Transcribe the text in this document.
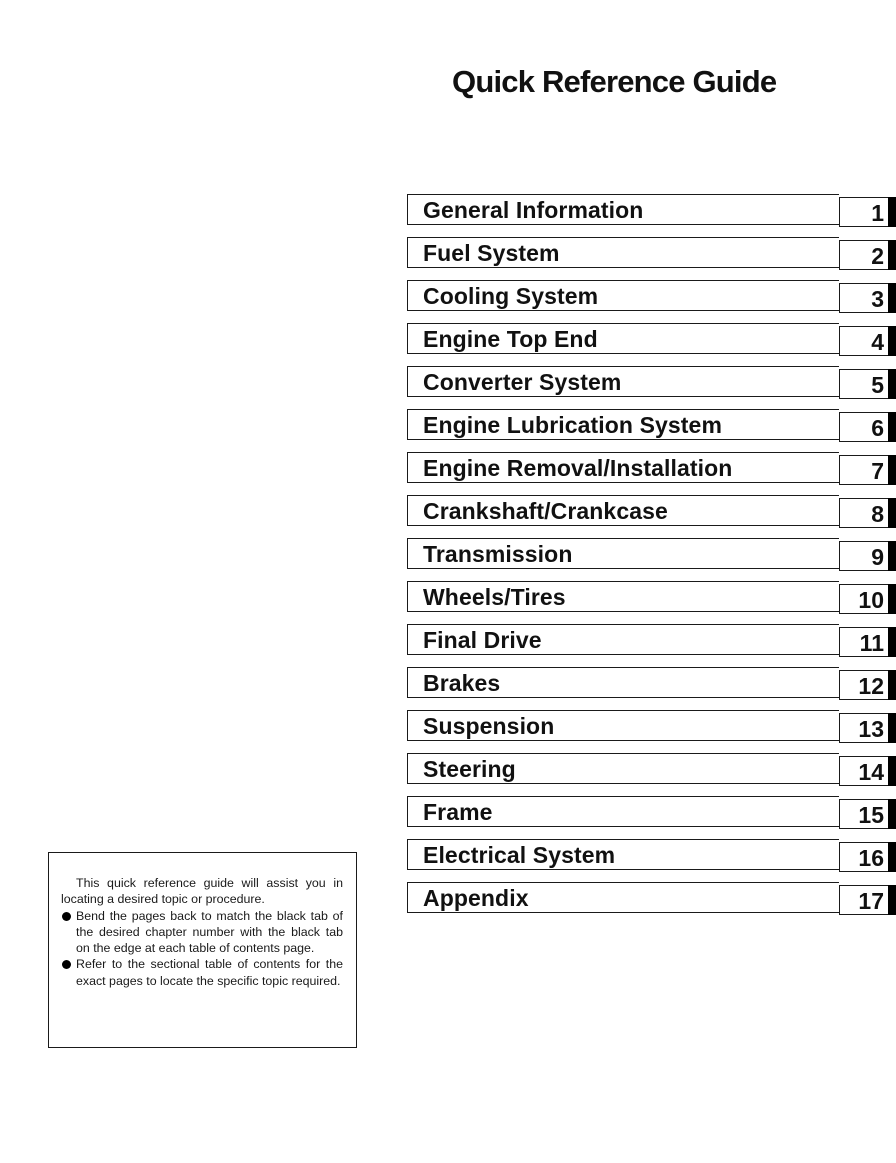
Quick Reference Guide
General Information	1
Fuel System	2
Cooling System	3
Engine Top End	4
Converter System	5
Engine Lubrication System	6
Engine Removal/Installation	7
Crankshaft/Crankcase	8
Transmission	9
Wheels/Tires	10
Final Drive	11
Brakes	12
Suspension	13
Steering	14
Frame	15
Electrical System	16
Appendix	17

This quick reference guide will assist you in locating a desired topic or procedure.

Bend the pages back to match the black tab of the desired chapter number with the black tab on the edge at each table of contents page.

Refer to the sectional table of contents for the exact pages to locate the specific topic required.
